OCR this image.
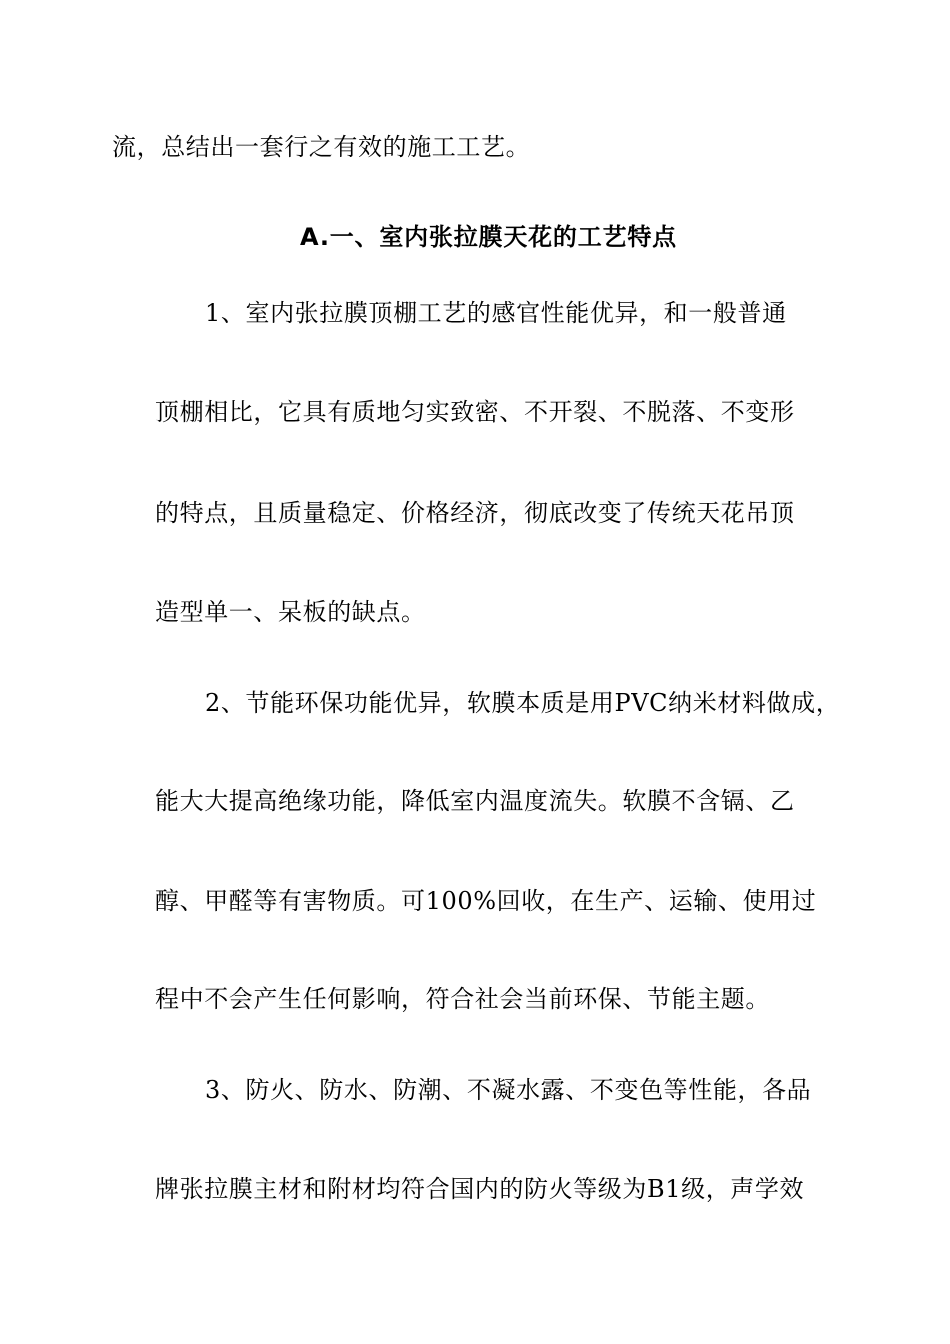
流，总结出一套行之有效的施工工艺。
A.一、室内张拉膜天花的工艺特点
1、室内张拉膜顶棚工艺的感官性能优异，和一般普通
顶棚相比，它具有质地匀实致密、不开裂、不脱落、不变形
的特点，且质量稳定、价格经济，彻底改变了传统天花吊顶
造型单一、呆板的缺点。
2、节能环保功能优异，软膜本质是用PVC纳米材料做成，
能大大提高绝缘功能，降低室内温度流失。软膜不含镉、乙
醇、甲醛等有害物质。可100%回收，在生产、运输、使用过
程中不会产生任何影响，符合社会当前环保、节能主题。
3、防火、防水、防潮、不凝水露、不变色等性能，各品
牌张拉膜主材和附材均符合国内的防火等级为B1级，声学效
